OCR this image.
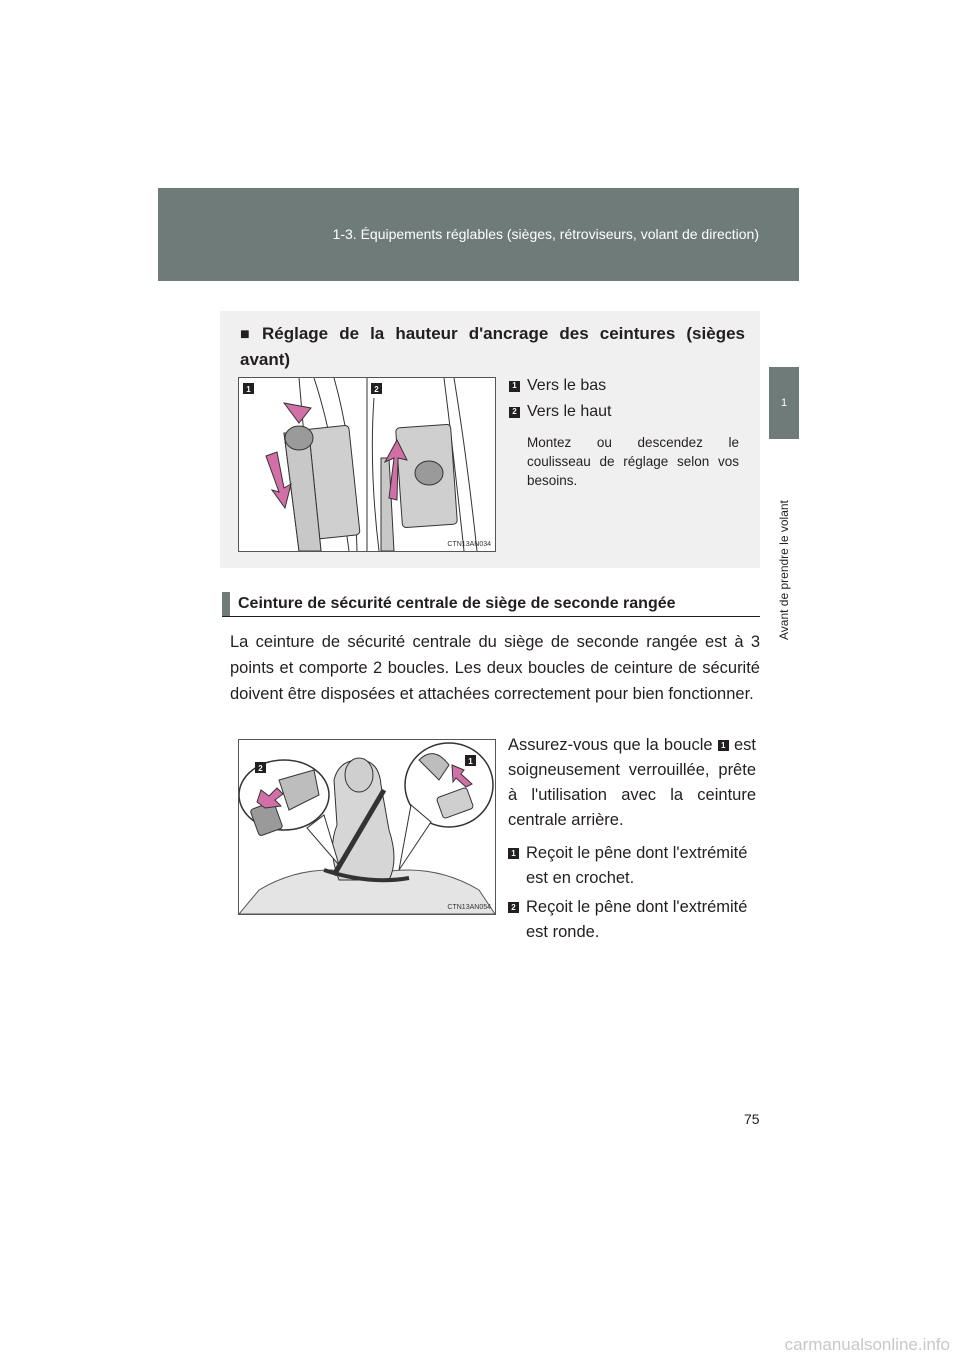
1-3. Équipements réglables (sièges, rétroviseurs, volant de direction)
1
Avant de prendre le volant
■ Réglage de la hauteur d'ancrage des ceintures (sièges avant)
1	2
CTN13AN034
1 Vers le bas
2 Vers le haut
Montez ou descendez le coulisseau de réglage selon vos besoins.
Ceinture de sécurité centrale de siège de seconde rangée
La ceinture de sécurité centrale du siège de seconde rangée est à 3 points et comporte 2 boucles. Les deux boucles de ceinture de sécurité doivent être disposées et attachées correctement pour bien fonctionner.
2
1
CTN13AN054
Assurez-vous que la boucle 1 est soigneusement verrouillée, prête à l'utilisation avec la ceinture centrale arrière.
1 Reçoit le pêne dont l'extrémité est en crochet.
2 Reçoit le pêne dont l'extrémité est ronde.
75
carmanualsonline.info
